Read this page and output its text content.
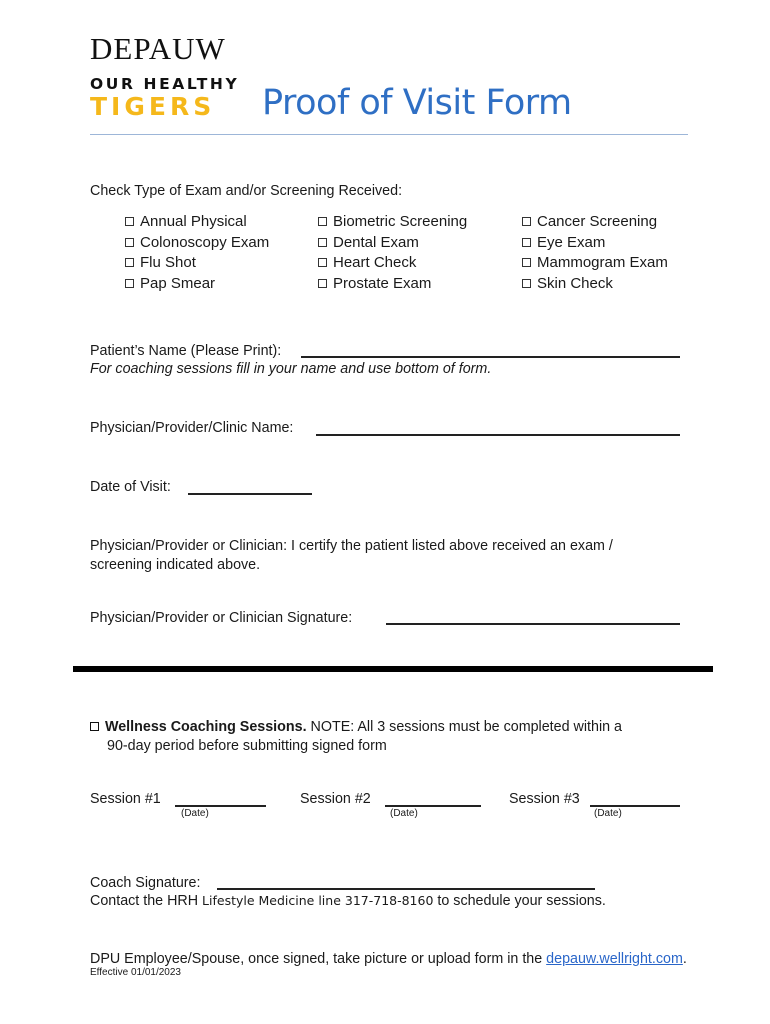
DEPAUW
OUR HEALTHY
TIGERS Proof of Visit Form
Check Type of Exam and/or Screening Received:
Annual Physical
Colonoscopy Exam
Flu Shot
Pap Smear
Biometric Screening
Dental Exam
Heart Check
Prostate Exam
Cancer Screening
Eye Exam
Mammogram Exam
Skin Check
Patient’s Name (Please Print):
For coaching sessions fill in your name and use bottom of form.
Physician/Provider/Clinic Name:
Date of Visit:
Physician/Provider or Clinician: I certify the patient listed above received an exam /
screening indicated above.
Physician/Provider or Clinician Signature:
Wellness Coaching Sessions. NOTE: All 3 sessions must be completed within a
90-day period before submitting signed form
Session #1
(Date)
Session #2
(Date)
Session #3
(Date)
Coach Signature:
Contact the HRH Lifestyle Medicine line 317-718-8160 to schedule your sessions.
DPU Employee/Spouse, once signed, take picture or upload form in the depauw.wellright.com.
Effective 01/01/2023
